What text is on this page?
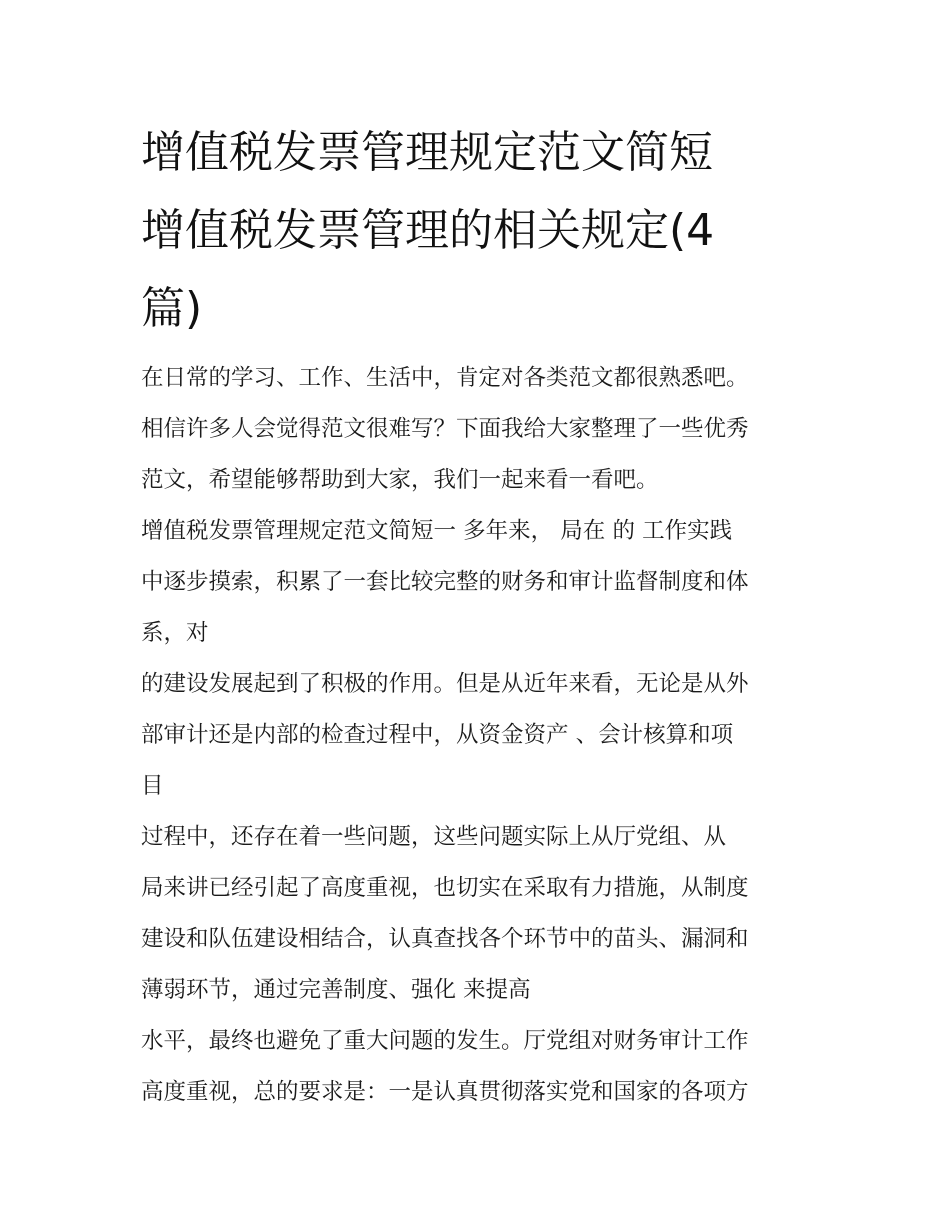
增值税发票管理规定范文简短
增值税发票管理的相关规定(4
篇)
在日常的学习、工作、生活中，肯定对各类范文都很熟悉吧。
相信许多人会觉得范文很难写？下面我给大家整理了一些优秀
范文，希望能够帮助到大家，我们一起来看一看吧。
增值税发票管理规定范文简短一 多年来， 局在 的 工作实践
中逐步摸索，积累了一套比较完整的财务和审计监督制度和体
系，对
的建设发展起到了积极的作用。但是从近年来看，无论是从外
部审计还是内部的检查过程中，从资金资产 、会计核算和项
目
过程中，还存在着一些问题，这些问题实际上从厅党组、从
局来讲已经引起了高度重视，也切实在采取有力措施，从制度
建设和队伍建设相结合，认真查找各个环节中的苗头、漏洞和
薄弱环节，通过完善制度、强化 来提高
水平，最终也避免了重大问题的发生。厅党组对财务审计工作
高度重视，总的要求是：一是认真贯彻落实党和国家的各项方
